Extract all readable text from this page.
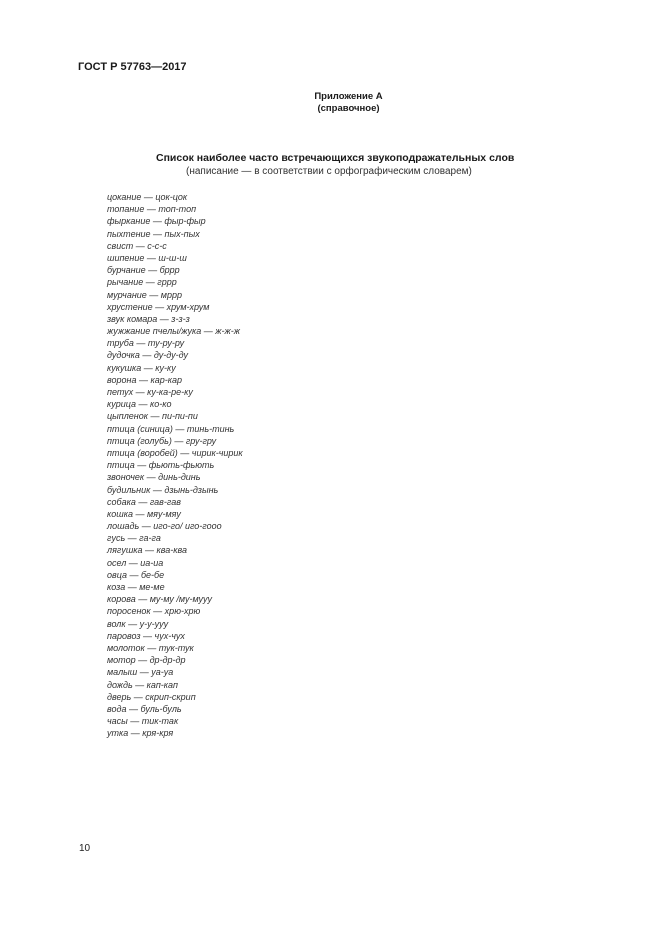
ГОСТ Р 57763—2017
Приложение А
(справочное)
Список наиболее часто встречающихся звукоподражательных слов
(написание — в соответствии с орфографическим словарем)
цокание — цок-цок
топание — топ-топ
фыркание — фыр-фыр
пыхтение — пых-пых
свист — с-с-с
шипение — ш-ш-ш
бурчание — бррр
рычание — гррр
мурчание — мррр
хрустение — хрум-хрум
звук комара — з-з-з
жужжание пчелы/жука — ж-ж-ж
труба — ту-ру-ру
дудочка — ду-ду-ду
кукушка — ку-ку
ворона — кар-кар
петух — ку-ка-ре-ку
курица — ко-ко
цыпленок — пи-пи-пи
птица (синица) — тинь-тинь
птица (голубь) — гру-гру
птица (воробей) — чирик-чирик
птица — фьють-фьють
звоночек — динь-динь
будильник — дзынь-дзынь
собака — гав-гав
кошка — мяу-мяу
лошадь — иго-го/ иго-гооо
гусь — га-га
лягушка — ква-ква
осел — иа-иа
овца — бе-бе
коза — ме-ме
корова — му-му /му-мууу
поросенок — хрю-хрю
волк — у-у-ууу
паровоз — чух-чух
молоток — тук-тук
мотор — др-др-др
малыш — уа-уа
дождь — кап-кап
дверь — скрип-скрип
вода — буль-буль
часы — тик-так
утка — кря-кря
10
